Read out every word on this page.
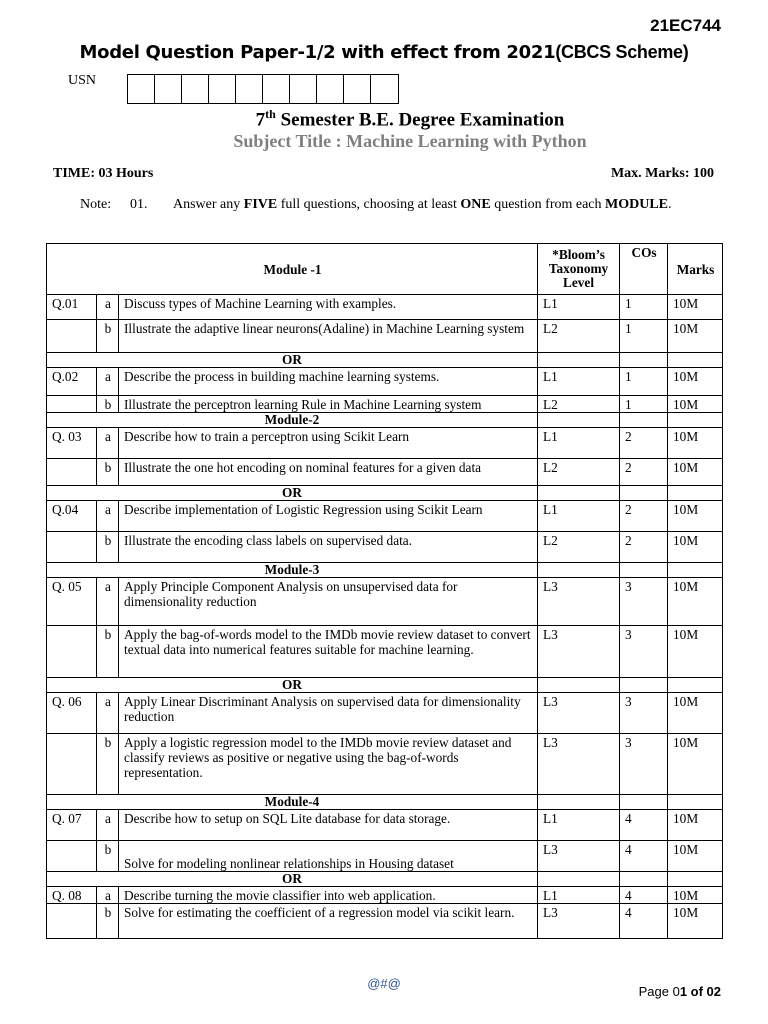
21EC744
Model Question Paper-1/2 with effect from 2021(CBCS Scheme)
USN
7th Semester B.E. Degree Examination
Subject Title : Machine Learning with Python
TIME: 03 Hours	Max. Marks: 100
Note: 01. Answer any FIVE full questions, choosing at least ONE question from each MODULE.
Module -1			*Bloom’s Taxonomy Level	COs	Marks
Q.01	a	Discuss types of Machine Learning with examples.	L1	1	10M
	b	Illustrate the adaptive linear neurons(Adaline) in Machine Learning system	L2	1	10M
OR					
Q.02	a	Describe the process in building machine learning systems.	L1	1	10M
	b	Illustrate the perceptron learning Rule in Machine Learning system	L2	1	10M
Module-2					
Q. 03	a	Describe how to train a perceptron using Scikit Learn	L1	2	10M
	b	Illustrate the one hot encoding on nominal features for a given data	L2	2	10M
OR					
Q.04	a	Describe implementation of Logistic Regression using Scikit Learn	L1	2	10M
	b	Illustrate the encoding class labels on supervised data.	L2	2	10M
Module-3					
Q. 05	a	Apply Principle Component Analysis on unsupervised data for dimensionality reduction	L3	3	10M
	b	Apply the bag-of-words model to the IMDb movie review dataset to convert textual data into numerical features suitable for machine learning.	L3	3	10M
OR					
Q. 06	a	Apply Linear Discriminant Analysis on supervised data for dimensionality reduction	L3	3	10M
	b	Apply a logistic regression model to the IMDb movie review dataset and classify reviews as positive or negative using the bag-of-words representation.	L3	3	10M
Module-4					
Q. 07	a	Describe how to setup on SQL Lite database for data storage.	L1	4	10M
	b	Solve for modeling nonlinear relationships in Housing dataset	L3	4	10M
OR					
Q. 08	a	Describe turning the movie classifier into web application.	L1	4	10M
	b	Solve for estimating the coefficient of a regression model via scikit learn.	L3	4	10M
@#@
Page 01 of 02
